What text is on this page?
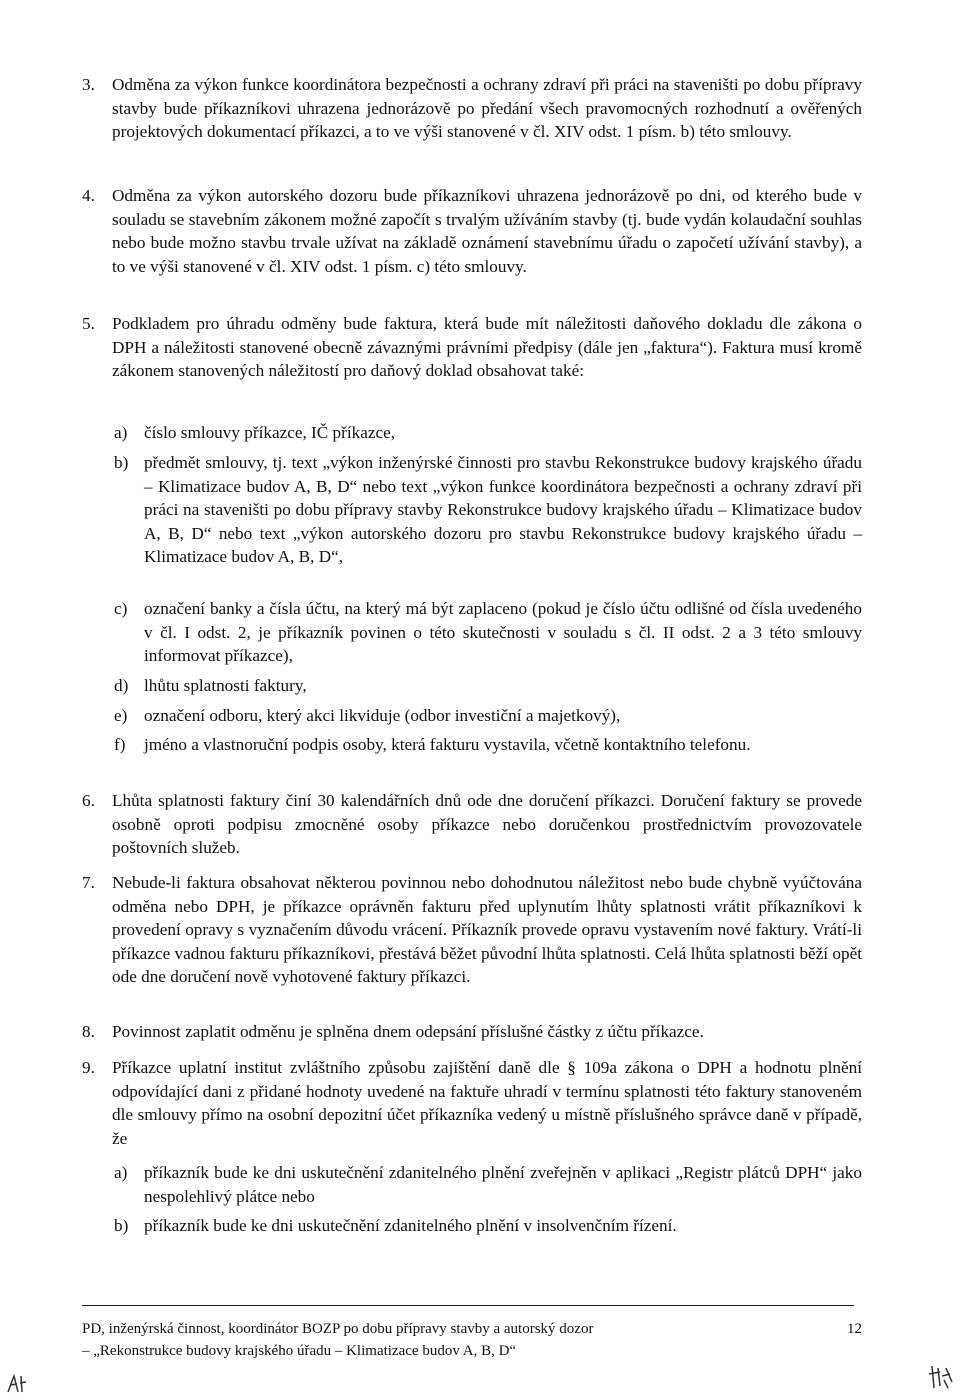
3. Odměna za výkon funkce koordinátora bezpečnosti a ochrany zdraví při práci na staveništi po dobu přípravy stavby bude příkazníkovi uhrazena jednorázově po předání všech pravomocných rozhodnutí a ověřených projektových dokumentací příkazci, a to ve výši stanovené v čl. XIV odst. 1 písm. b) této smlouvy.
4. Odměna za výkon autorského dozoru bude příkazníkovi uhrazena jednorázově po dni, od kterého bude v souladu se stavebním zákonem možné započít s trvalým užíváním stavby (tj. bude vydán kolaudační souhlas nebo bude možno stavbu trvale užívat na základě oznámení stavebnímu úřadu o započetí užívání stavby), a to ve výši stanovené v čl. XIV odst. 1 písm. c) této smlouvy.
5. Podkladem pro úhradu odměny bude faktura, která bude mít náležitosti daňového dokladu dle zákona o DPH a náležitosti stanovené obecně závaznými právními předpisy (dále jen „faktura“). Faktura musí kromě zákonem stanovených náležitostí pro daňový doklad obsahovat také:
a) číslo smlouvy příkazce, IČ příkazce,
b) předmět smlouvy, tj. text „výkon inženýrské činnosti pro stavbu Rekonstrukce budovy krajského úřadu – Klimatizace budov A, B, D“ nebo text „výkon funkce koordinátora bezpečnosti a ochrany zdraví při práci na staveništi po dobu přípravy stavby Rekonstrukce budovy krajského úřadu – Klimatizace budov A, B, D“ nebo text „výkon autorského dozoru pro stavbu Rekonstrukce budovy krajského úřadu – Klimatizace budov A, B, D“,
c) označení banky a čísla účtu, na který má být zaplaceno (pokud je číslo účtu odlišné od čísla uvedeného v čl. I odst. 2, je příkazník povinen o této skutečnosti v souladu s čl. II odst. 2 a 3 této smlouvy informovat příkazce),
d) lhůtu splatnosti faktury,
e) označení odboru, který akci likviduje (odbor investiční a majetkový),
f) jméno a vlastnoruční podpis osoby, která fakturu vystavila, včetně kontaktního telefonu.
6. Lhůta splatnosti faktury činí 30 kalendářních dnů ode dne doručení příkazci. Doručení faktury se provede osobně oproti podpisu zmocněné osoby příkazce nebo doručenkou prostřednictvím provozovatele poštovních služeb.
7. Nebude-li faktura obsahovat některou povinnou nebo dohodnutou náležitost nebo bude chybně vyúčtována odměna nebo DPH, je příkazce oprávněn fakturu před uplynutím lhůty splatnosti vrátit příkazníkovi k provedení opravy s vyznačením důvodu vrácení. Příkazník provede opravu vystavením nové faktury. Vrátí-li příkazce vadnou fakturu příkazníkovi, přestává běžet původní lhůta splatnosti. Celá lhůta splatnosti běží opět ode dne doručení nově vyhotovené faktury příkazci.
8. Povinnost zaplatit odměnu je splněna dnem odepsání příslušné částky z účtu příkazce.
9. Příkazce uplatní institut zvláštního způsobu zajištění daně dle § 109a zákona o DPH a hodnotu plnění odpovídající dani z přidané hodnoty uvedené na faktuře uhradí v termínu splatnosti této faktury stanoveném dle smlouvy přímo na osobní depozitní účet příkazníka vedený u místně příslušného správce daně v případě, že
a) příkazník bude ke dni uskutečnění zdanitelného plnění zveřejněn v aplikaci „Registr plátců DPH“ jako nespolehlivý plátce nebo
b) příkazník bude ke dni uskutečnění zdanitelného plnění v insolvenčním řízení.
PD, inženýrská činnost, koordinátor BOZP po dobu přípravy stavby a autorský dozor
– „Rekonstrukce budovy krajského úřadu – Klimatizace budov A, B, D“
12
